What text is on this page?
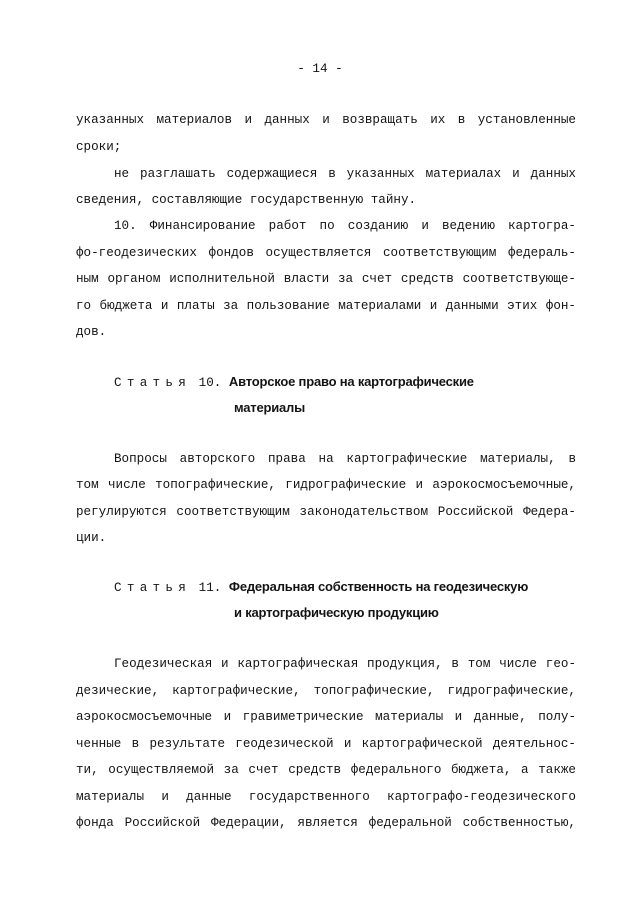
- 14 -
указанных материалов и данных и возвращать их в установленные
сроки;
не разглашать содержащиеся в указанных материалах и данных
сведения, составляющие государственную тайну.
10. Финансирование работ по созданию и ведению картогра-
фо-геодезических фондов осуществляется соответствующим федераль-
ным органом исполнительной власти за счет средств соответствующе-
го бюджета и платы за пользование материалами и данными этих фон-
дов.
Статья 10. Авторское право на картографические
материалы
Вопросы авторского права на картографические материалы, в
том числе топографические, гидрографические и аэрокосмосъемочные,
регулируются соответствующим законодательством Российской Федера-
ции.
Статья 11. Федеральная собственность на геодезическую
и картографическую продукцию
Геодезическая и картографическая продукция, в том числе гео-
дезические, картографические, топографические, гидрографические,
аэрокосмосъемочные и гравиметрические материалы и данные, полу-
ченные в результате геодезической и картографической деятельнос-
ти, осуществляемой за счет средств федерального бюджета, а также
материалы и данные государственного картографо-геодезического
фонда Российской Федерации, является федеральной собственностью,
